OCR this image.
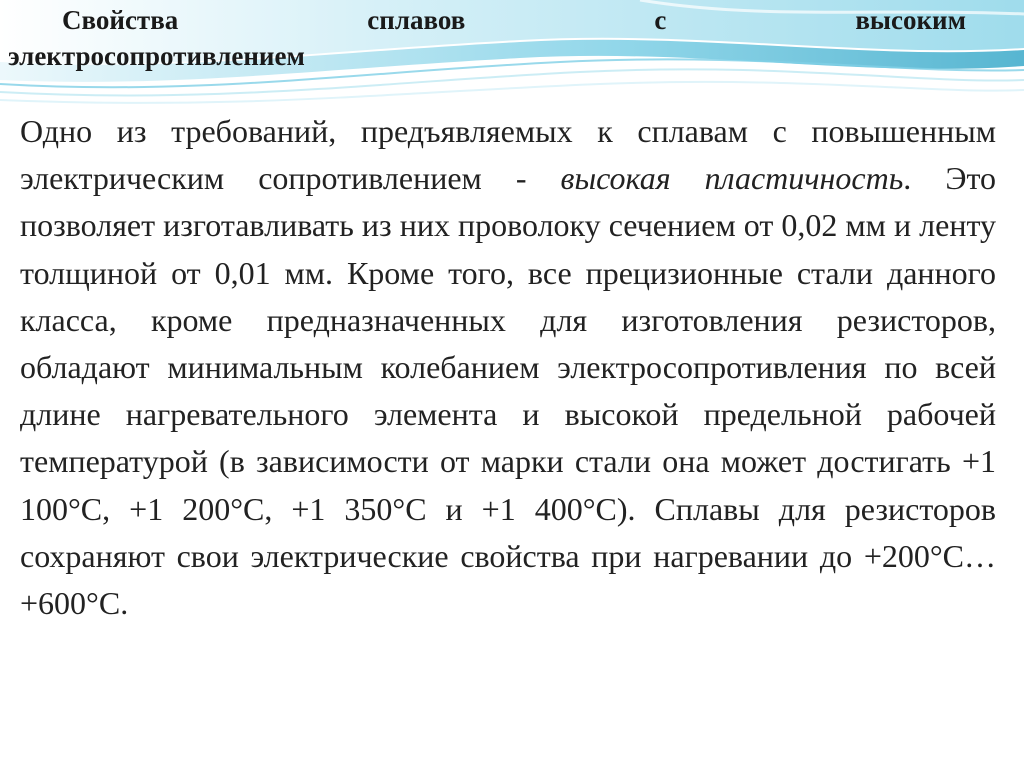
Свойства	сплавов	с	высоким
электросопротивлением
Одно из требований, предъявляемых к сплавам с повышенным электрическим сопротивлением - высокая пластичность. Это позволяет изготавливать из них проволоку сечением от 0,02 мм и ленту толщиной от 0,01 мм. Кроме того, все прецизионные стали данного класса, кроме предназначенных для изготовления резисторов, обладают минимальным колебанием электросопротивления по всей длине нагревательного элемента и высокой предельной рабочей температурой (в зависимости от марки стали она может достигать +1 100°С, +1 200°С, +1 350°С и +1 400°С). Сплавы для резисторов сохраняют свои электрические свойства при нагревании до +200°С…+600°С.
